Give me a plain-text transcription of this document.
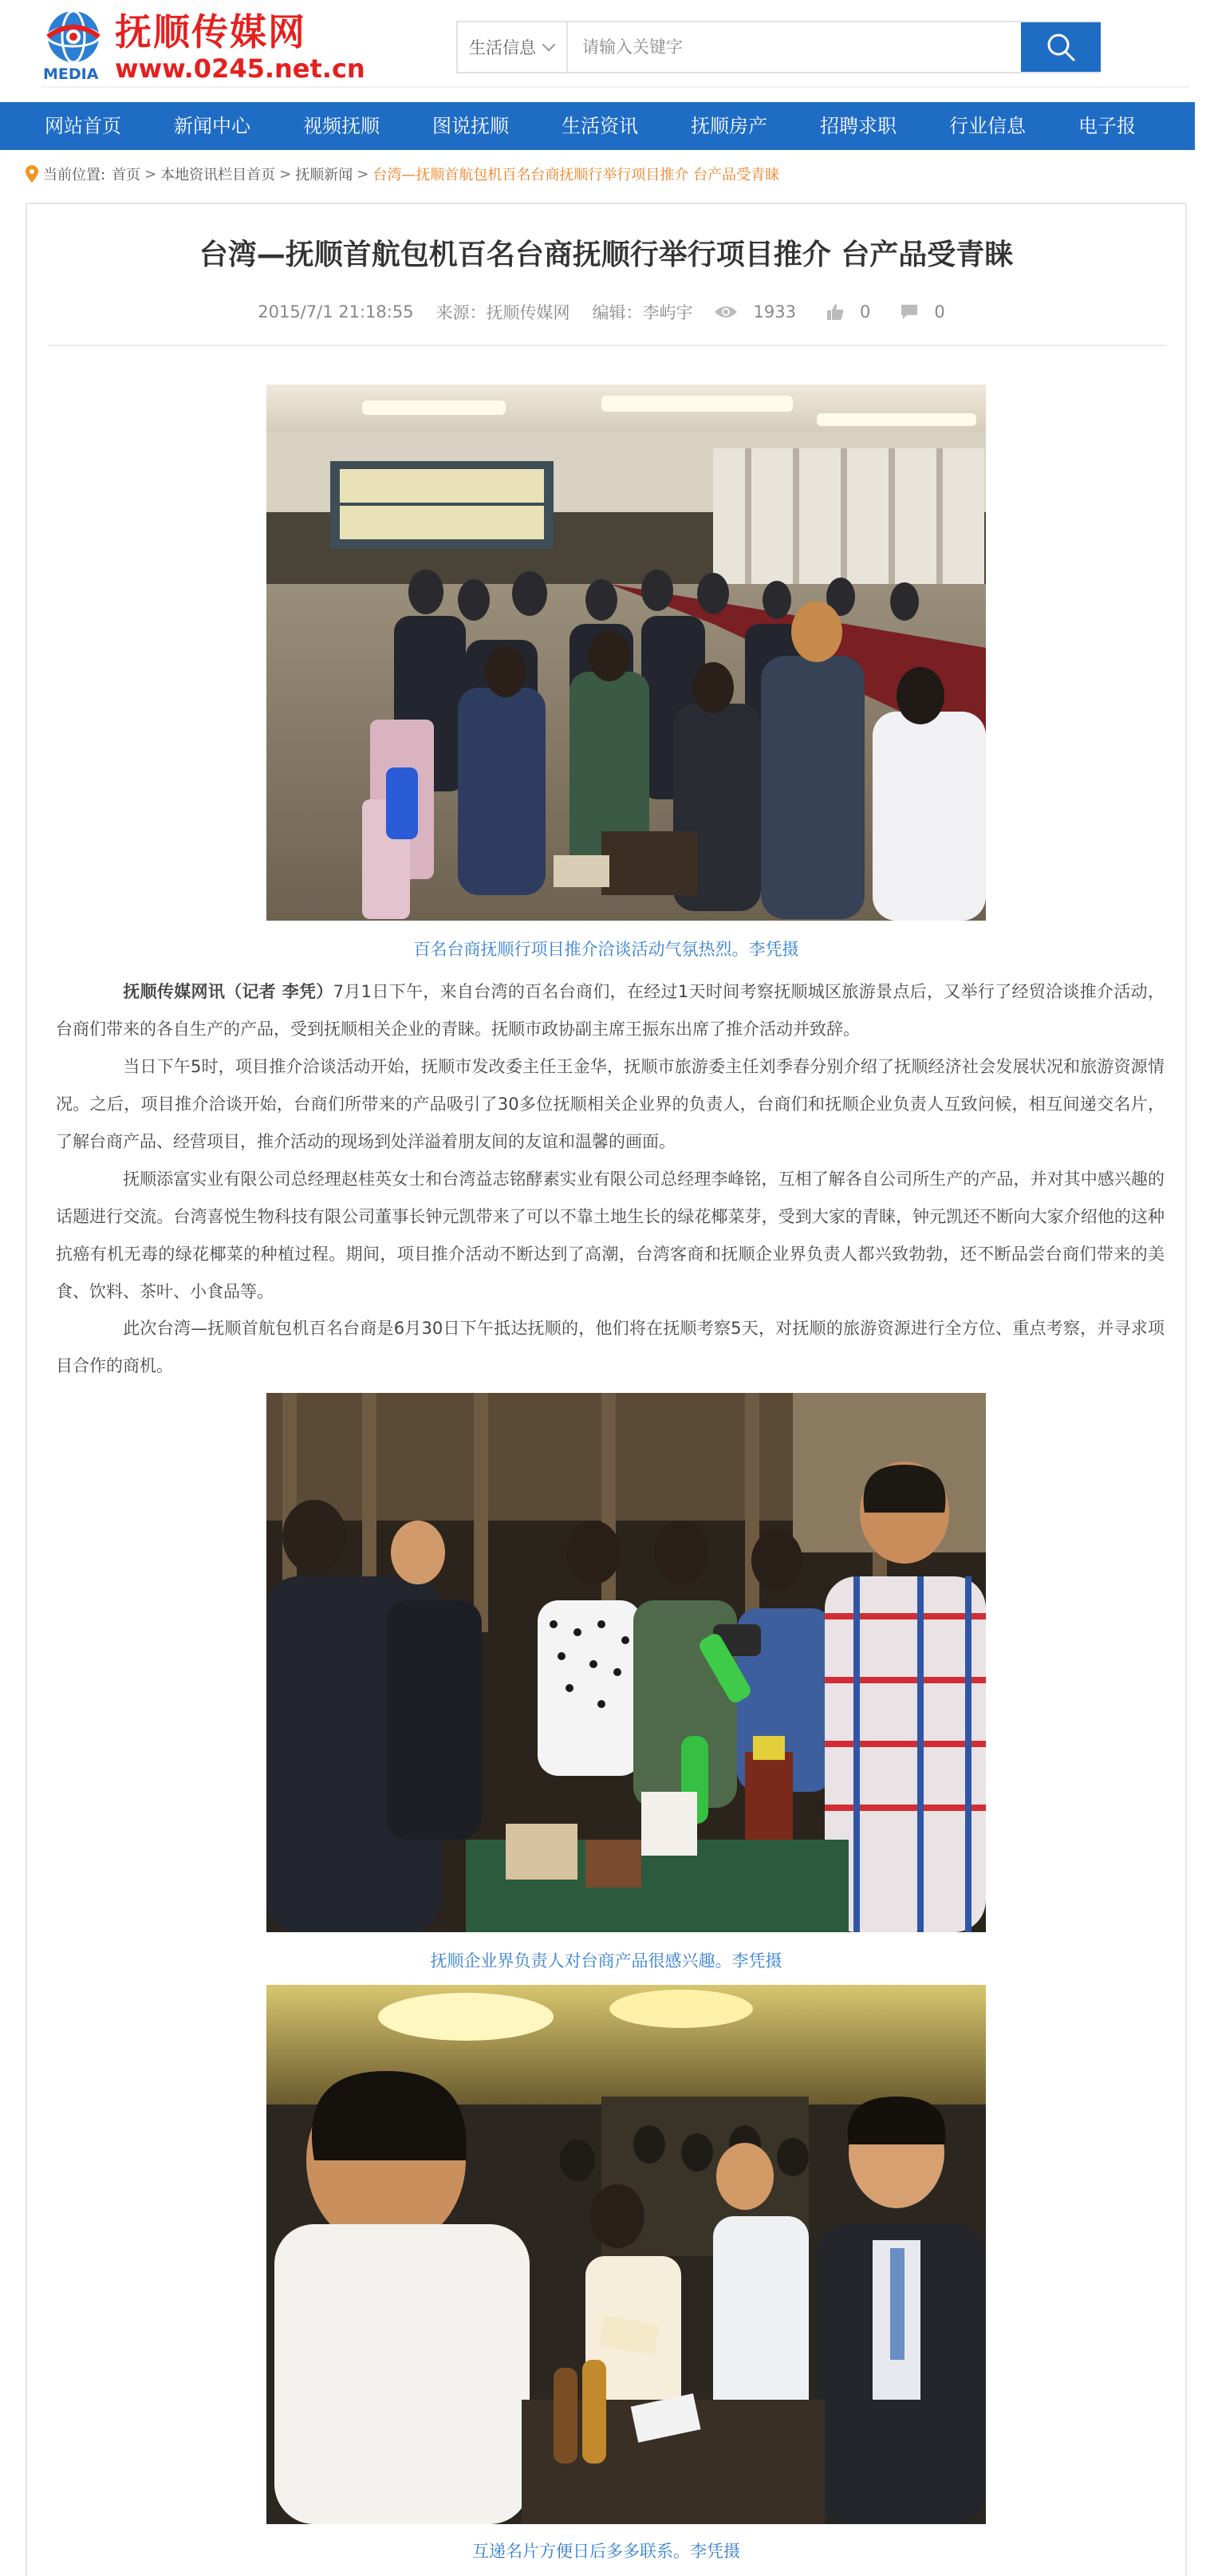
MEDIA
抚顺传媒网
www.0245.net.cn
生活信息
请输入关键字
网站首页	新闻中心	视频抚顺	图说抚顺	生活资讯	抚顺房产	招聘求职	行业信息	电子报
当前位置: 首页 > 本地资讯栏目首页 > 抚顺新闻 > 台湾—抚顺首航包机百名台商抚顺行举行项目推介 台产品受青睐
台湾—抚顺首航包机百名台商抚顺行举行项目推介 台产品受青睐
2015/7/1 21:18:55 来源：抚顺传媒网 编辑：李屿宇	1933	0	0
百名台商抚顺行项目推介洽谈活动气氛热烈。李凭摄
抚顺传媒网讯（记者 李凭）7月1日下午，来自台湾的百名台商们，在经过1天时间考察抚顺城区旅游景点后，又举行了经贸洽谈推介活动，台商们带来的各自生产的产品，受到抚顺相关企业的青睐。抚顺市政协副主席王振东出席了推介活动并致辞。
当日下午5时，项目推介洽谈活动开始，抚顺市发改委主任王金华，抚顺市旅游委主任刘季春分别介绍了抚顺经济社会发展状况和旅游资源情况。之后，项目推介洽谈开始，台商们所带来的产品吸引了30多位抚顺相关企业界的负责人，台商们和抚顺企业负责人互致问候，相互间递交名片，了解台商产品、经营项目，推介活动的现场到处洋溢着朋友间的友谊和温馨的画面。
抚顺添富实业有限公司总经理赵桂英女士和台湾益志铭酵素实业有限公司总经理李峰铭，互相了解各自公司所生产的产品，并对其中感兴趣的话题进行交流。台湾喜悦生物科技有限公司董事长钟元凯带来了可以不靠土地生长的绿花椰菜芽，受到大家的青睐，钟元凯还不断向大家介绍他的这种抗癌有机无毒的绿花椰菜的种植过程。期间，项目推介活动不断达到了高潮，台湾客商和抚顺企业界负责人都兴致勃勃，还不断品尝台商们带来的美食、饮料、茶叶、小食品等。
此次台湾—抚顺首航包机百名台商是6月30日下午抵达抚顺的，他们将在抚顺考察5天，对抚顺的旅游资源进行全方位、重点考察，并寻求项目合作的商机。
抚顺企业界负责人对台商产品很感兴趣。李凭摄
互递名片方便日后多多联系。李凭摄
